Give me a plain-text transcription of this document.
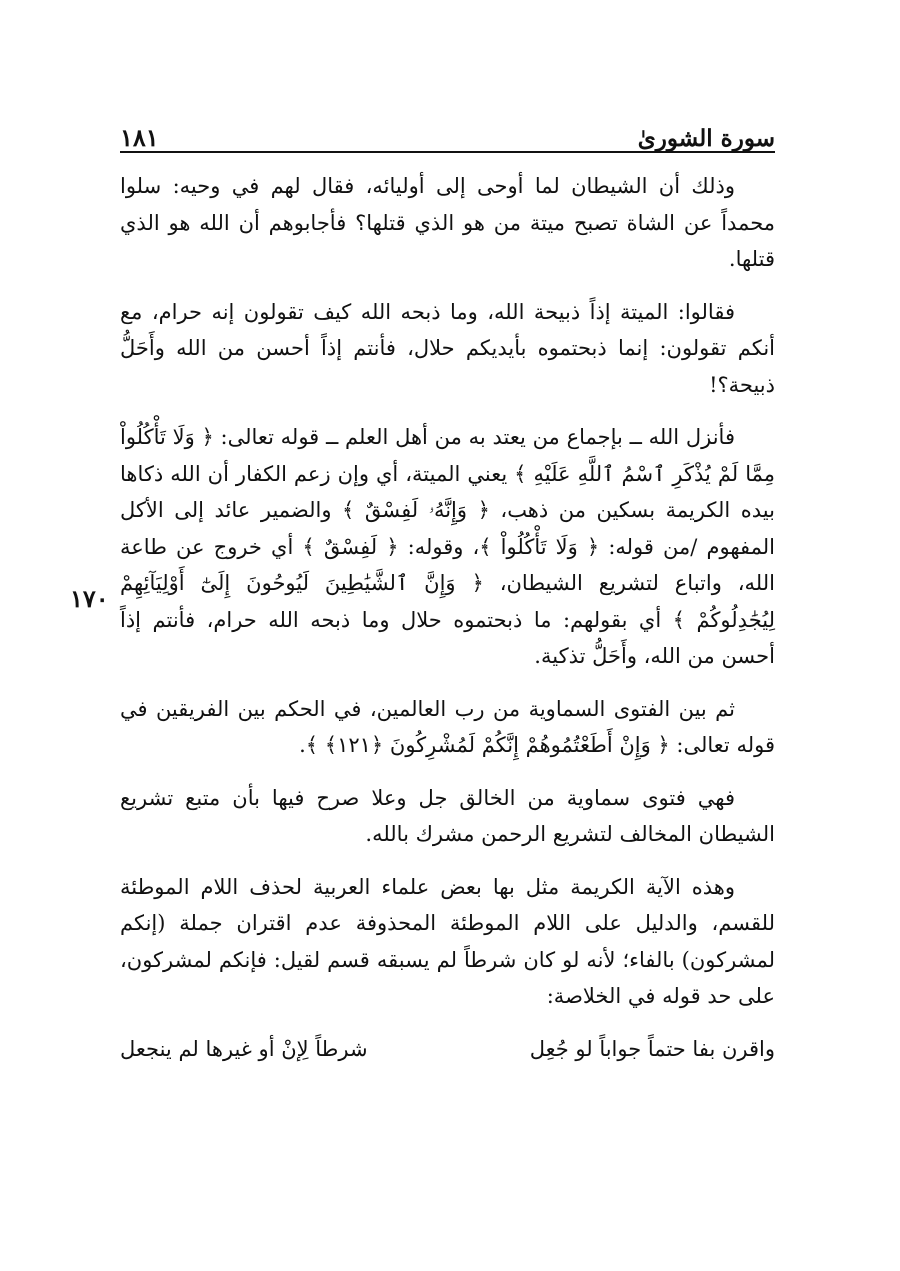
سورة الشورىٰ
١٨١
١٧٠

وذلك أن الشيطان لما أوحى إلى أوليائه، فقال لهم في وحيه: سلوا محمداً عن الشاة تصبح ميتة من هو الذي قتلها؟ فأجابوهم أن الله هو الذي قتلها.

فقالوا: الميتة إذاً ذبيحة الله، وما ذبحه الله كيف تقولون إنه حرام، مع أنكم تقولون: إنما ذبحتموه بأيديكم حلال، فأنتم إذاً أحسن من الله وأَحَلُّ ذبيحة؟!

فأنزل الله ــ بإجماع من يعتد به من أهل العلم ــ قوله تعالى: ﴿ وَلَا تَأْكُلُواْ مِمَّا لَمْ يُذْكَرِ ٱسْمُ ٱللَّهِ عَلَيْهِ ﴾ يعني الميتة، أي وإن زعم الكفار أن الله ذكاها بيده الكريمة بسكين من ذهب، ﴿ وَإِنَّهُۥ لَفِسْقٌ ﴾ والضمير عائد إلى الأكل المفهوم /من قوله: ﴿ وَلَا تَأْكُلُواْ ﴾، وقوله: ﴿ لَفِسْقٌ ﴾ أي خروج عن طاعة الله، واتباع لتشريع الشيطان، ﴿ وَإِنَّ ٱلشَّيَٰطِينَ لَيُوحُونَ إِلَىٰٓ أَوْلِيَآئِهِمْ لِيُجَٰدِلُوكُمْ ﴾ أي بقولهم: ما ذبحتموه حلال وما ذبحه الله حرام، فأنتم إذاً أحسن من الله، وأَحَلُّ تذكية.

ثم بين الفتوى السماوية من رب العالمين، في الحكم بين الفريقين في قوله تعالى: ﴿ وَإِنْ أَطَعْتُمُوهُمْ إِنَّكُمْ لَمُشْرِكُونَ ﴿١٢١﴾ ﴾.

فهي فتوى سماوية من الخالق جل وعلا صرح فيها بأن متبع تشريع الشيطان المخالف لتشريع الرحمن مشرك بالله.

وهذه الآية الكريمة مثل بها بعض علماء العربية لحذف اللام الموطئة للقسم، والدليل على اللام الموطئة المحذوفة عدم اقتران جملة (إنكم لمشركون) بالفاء؛ لأنه لو كان شرطاً لم يسبقه قسم لقيل: فإنكم لمشركون، على حد قوله في الخلاصة:

واقرن بفا حتماً جواباً لو جُعِل
شرطاً لِإنْ أو غيرها لم ينجعل
